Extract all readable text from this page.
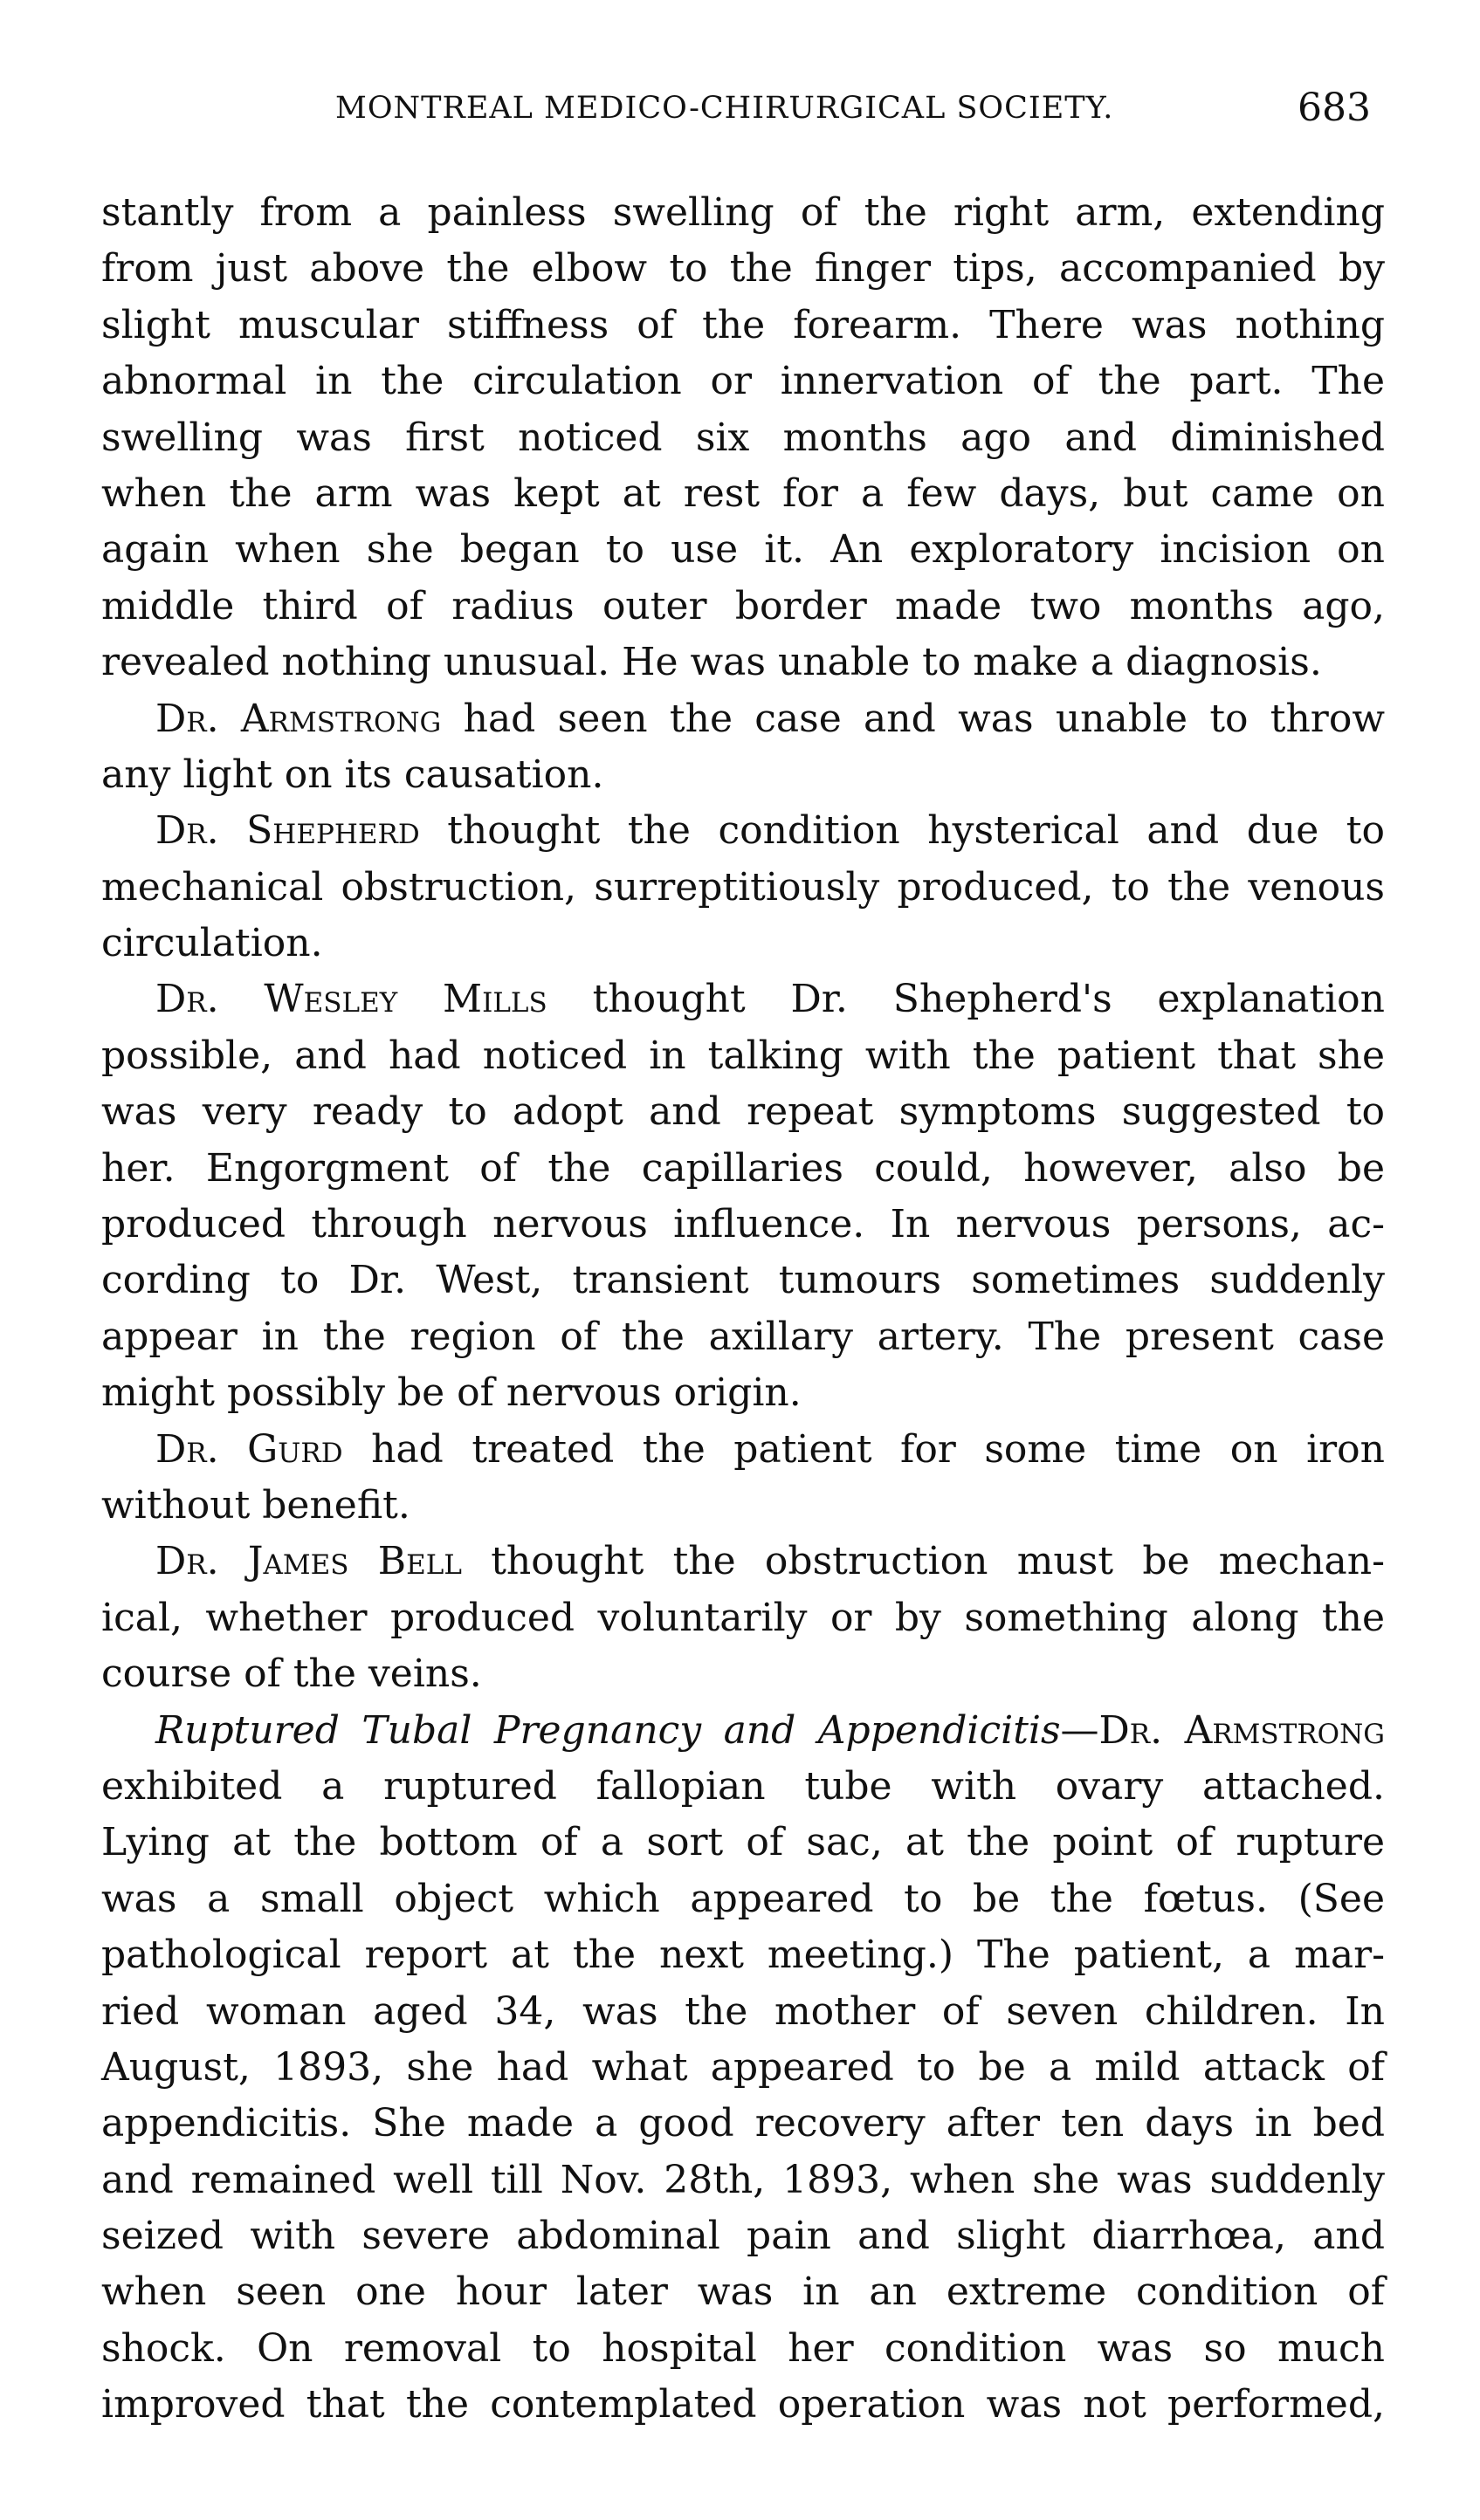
MONTREAL MEDICO-CHIRURGICAL SOCIETY.	683
stantly from a painless swelling of the right arm, extending
from just above the elbow to the finger tips, accompanied by
slight muscular stiffness of the forearm. There was nothing
abnormal in the circulation or innervation of the part. The
swelling was first noticed six months ago and diminished
when the arm was kept at rest for a few days, but came on
again when she began to use it. An exploratory incision on
middle third of radius outer border made two months ago,
revealed nothing unusual. He was unable to make a diagnosis.
Dr. Armstrong had seen the case and was unable to throw
any light on its causation.
Dr. Shepherd thought the condition hysterical and due to
mechanical obstruction, surreptitiously produced, to the venous
circulation.
Dr. Wesley Mills thought Dr. Shepherd's explanation
possible, and had noticed in talking with the patient that she
was very ready to adopt and repeat symptoms suggested to
her. Engorgment of the capillaries could, however, also be
produced through nervous influence. In nervous persons, ac-
cording to Dr. West, transient tumours sometimes suddenly
appear in the region of the axillary artery. The present case
might possibly be of nervous origin.
Dr. Gurd had treated the patient for some time on iron
without benefit.
Dr. James Bell thought the obstruction must be mechan-
ical, whether produced voluntarily or by something along the
course of the veins.
Ruptured Tubal Pregnancy and Appendicitis—Dr. Armstrong
exhibited a ruptured fallopian tube with ovary attached.
Lying at the bottom of a sort of sac, at the point of rupture
was a small object which appeared to be the fœtus. (See
pathological report at the next meeting.) The patient, a mar-
ried woman aged 34, was the mother of seven children. In
August, 1893, she had what appeared to be a mild attack of
appendicitis. She made a good recovery after ten days in bed
and remained well till Nov. 28th, 1893, when she was suddenly
seized with severe abdominal pain and slight diarrhœa, and
when seen one hour later was in an extreme condition of
shock. On removal to hospital her condition was so much
improved that the contemplated operation was not performed,
